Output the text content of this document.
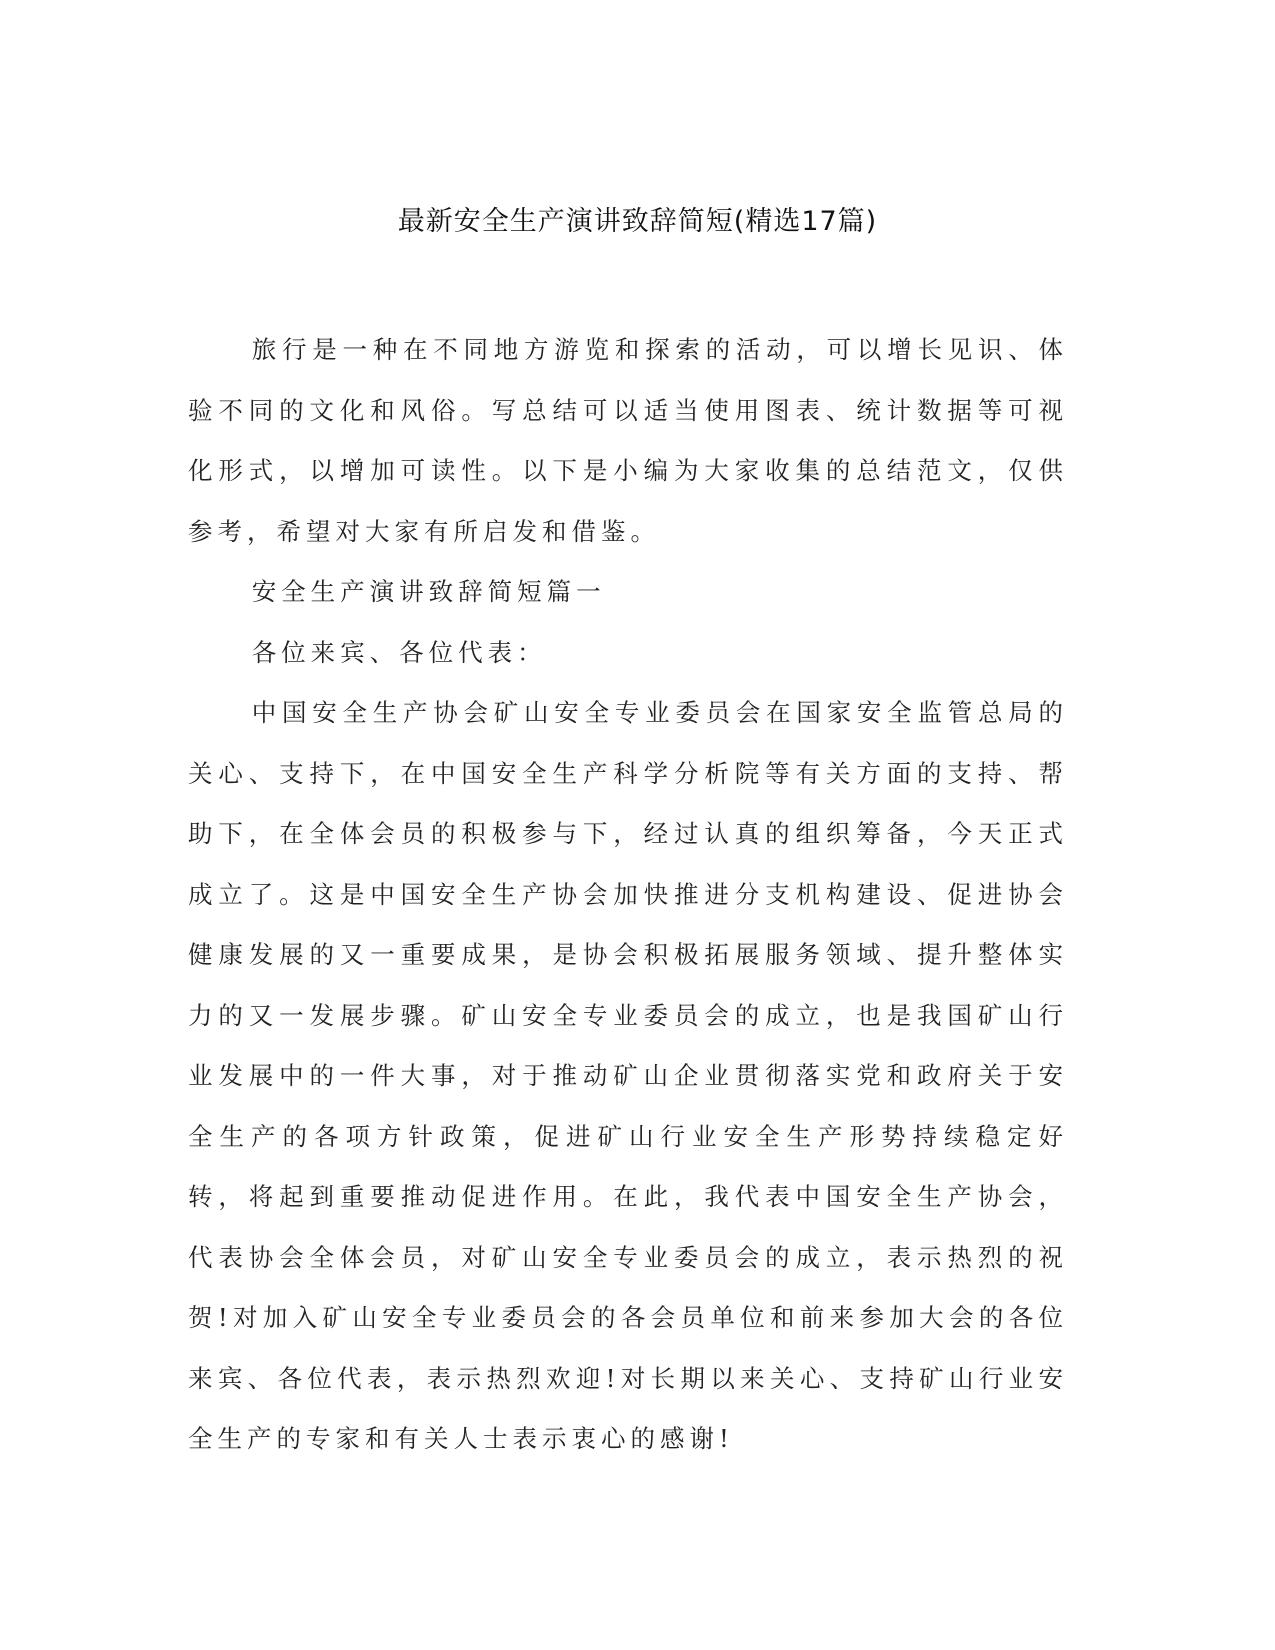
最新安全生产演讲致辞简短(精选17篇)

旅行是一种在不同地方游览和探索的活动，可以增长见识、体验不同的文化和风俗。写总结可以适当使用图表、统计数据等可视化形式，以增加可读性。以下是小编为大家收集的总结范文，仅供参考，希望对大家有所启发和借鉴。

安全生产演讲致辞简短篇一

各位来宾、各位代表：

中国安全生产协会矿山安全专业委员会在国家安全监管总局的关心、支持下，在中国安全生产科学分析院等有关方面的支持、帮助下，在全体会员的积极参与下，经过认真的组织筹备，今天正式成立了。这是中国安全生产协会加快推进分支机构建设、促进协会健康发展的又一重要成果，是协会积极拓展服务领域、提升整体实力的又一发展步骤。矿山安全专业委员会的成立，也是我国矿山行业发展中的一件大事，对于推动矿山企业贯彻落实党和政府关于安全生产的各项方针政策，促进矿山行业安全生产形势持续稳定好转，将起到重要推动促进作用。在此，我代表中国安全生产协会，代表协会全体会员，对矿山安全专业委员会的成立，表示热烈的祝贺!对加入矿山安全专业委员会的各会员单位和前来参加大会的各位来宾、各位代表，表示热烈欢迎!对长期以来关心、支持矿山行业安全生产的专家和有关人士表示衷心的感谢!
